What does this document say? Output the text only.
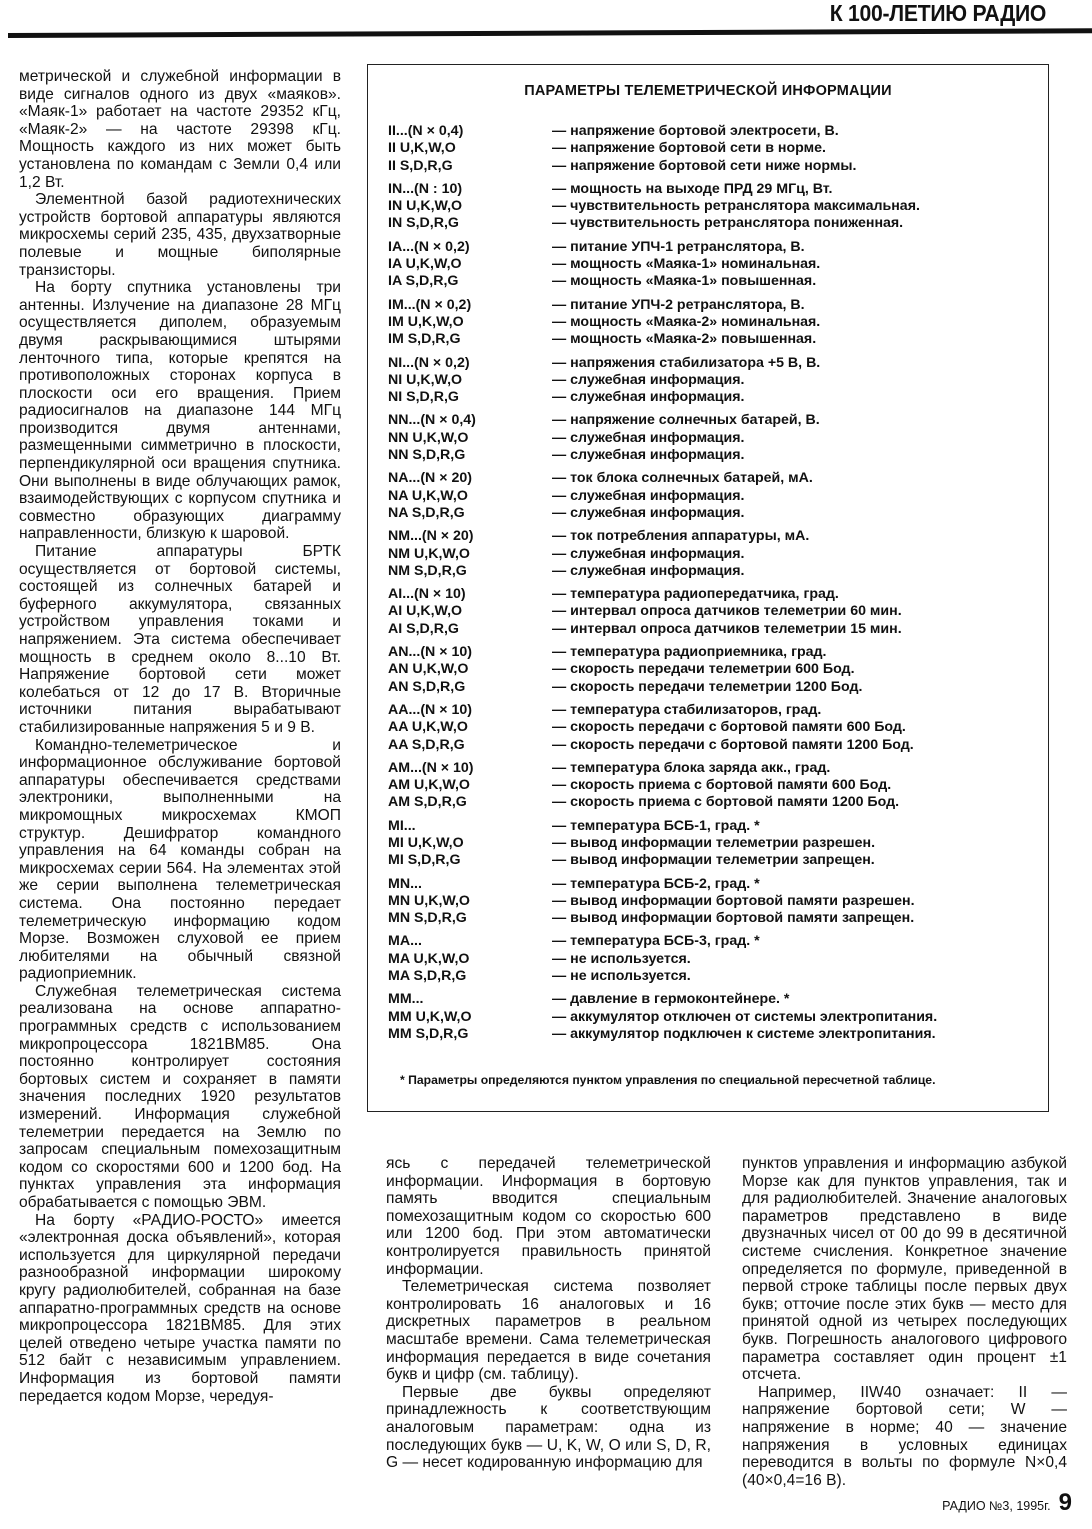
К 100-ЛЕТИЮ РАДИО

метрической и служебной информации в виде сигналов одного из двух «маяков». «Маяк-1» работает на частоте 29352 кГц, «Маяк-2» — на частоте 29398 кГц. Мощность каждого из них может быть установлена по командам с Земли 0,4 или 1,2 Вт.

Элементной базой радиотехнических устройств бортовой аппаратуры являются микросхемы серий 235, 435, двухзатворные полевые и мощные биполярные транзисторы.

На борту спутника установлены три антенны. Излучение на диапазоне 28 МГц осуществляется диполем, образуемым двумя раскрывающимися штырями ленточного типа, которые крепятся на противоположных сторонах корпуса в плоскости оси его вращения. Прием радиосигналов на диапазоне 144 МГц производится двумя антеннами, размещенными симметрично в плоскости, перпендикулярной оси вращения спутника. Они выполнены в виде облучающих рамок, взаимодействующих с корпусом спутника и совместно образующих диаграмму направленности, близкую к шаровой.

Питание аппаратуры БРТК осуществляется от бортовой системы, состоящей из солнечных батарей и буферного аккумулятора, связанных устройством управления токами и напряжением. Эта система обеспечивает мощность в среднем около 8...10 Вт. Напряжение бортовой сети может колебаться от 12 до 17 В. Вторичные источники питания вырабатывают стабилизированные напряжения 5 и 9 В.

Командно-телеметрическое и информационное обслуживание бортовой аппаратуры обеспечивается средствами электроники, выполненными на микромощных микросхемах КМОП структур. Дешифратор командного управления на 64 команды собран на микросхемах серии 564. На элементах этой же серии выполнена телеметрическая система. Она постоянно передает телеметрическую информацию кодом Морзе. Возможен слуховой ее прием любителями на обычный связной радиоприемник.

Служебная телеметрическая система реализована на основе аппаратно-программных средств с использованием микропроцессора 1821ВМ85. Она постоянно контролирует состояния бортовых систем и сохраняет в памяти значения последних 1920 результатов измерений. Информация служебной телеметрии передается на Землю по запросам специальным помехозащитным кодом со скоростями 600 и 1200 бод. На пунктах управления эта информация обрабатывается с помощью ЭВМ.

На борту «РАДИО-РОСТО» имеется «электронная доска объявлений», которая используется для циркулярной передачи разнообразной информации широкому кругу радиолюбителей, собранная на базе аппаратно-программных средств на основе микропроцессора 1821ВМ85. Для этих целей отведено четыре участка памяти по 512 байт с независимым управлением. Информация из бортовой памяти передается кодом Морзе, чередуя-

ПАРАМЕТРЫ ТЕЛЕМЕТРИЧЕСКОЙ ИНФОРМАЦИИ
II...(N × 0,4)	— напряжение бортовой электросети, В.
II U,K,W,O	— напряжение бортовой сети в норме.
II S,D,R,G	— напряжение бортовой сети ниже нормы.
IN...(N : 10)	— мощность на выходе ПРД 29 МГц, Вт.
IN U,K,W,O	— чувствительность ретранслятора максимальная.
IN S,D,R,G	— чувствительность ретранслятора пониженная.
IA...(N × 0,2)	— питание УПЧ-1 ретранслятора, В.
IA U,K,W,O	— мощность «Маяка-1» номинальная.
IA S,D,R,G	— мощность «Маяка-1» повышенная.
IM...(N × 0,2)	— питание УПЧ-2 ретранслятора, В.
IM U,K,W,O	— мощность «Маяка-2» номинальная.
IM S,D,R,G	— мощность «Маяка-2» повышенная.
NI...(N × 0,2)	— напряжения стабилизатора +5 В, В.
NI U,K,W,O	— служебная информация.
NI S,D,R,G	— служебная информация.
NN...(N × 0,4)	— напряжение солнечных батарей, В.
NN U,K,W,O	— служебная информация.
NN S,D,R,G	— служебная информация.
NA...(N × 20)	— ток блока солнечных батарей, мА.
NA U,K,W,O	— служебная информация.
NA S,D,R,G	— служебная информация.
NM...(N × 20)	— ток потребления аппаратуры, мА.
NM U,K,W,O	— служебная информация.
NM S,D,R,G	— служебная информация.
AI...(N × 10)	— температура радиопередатчика, град.
AI U,K,W,O	— интервал опроса датчиков телеметрии 60 мин.
AI S,D,R,G	— интервал опроса датчиков телеметрии 15 мин.
AN...(N × 10)	— температура радиоприемника, град.
AN U,K,W,O	— скорость передачи телеметрии 600 Бод.
AN S,D,R,G	— скорость передачи телеметрии 1200 Бод.
AA...(N × 10)	— температура стабилизаторов, град.
AA U,K,W,O	— скорость передачи с бортовой памяти 600 Бод.
AA S,D,R,G	— скорость передачи с бортовой памяти 1200 Бод.
AM...(N × 10)	— температура блока заряда акк., град.
AM U,K,W,O	— скорость приема с бортовой памяти 600 Бод.
AM S,D,R,G	— скорость приема с бортовой памяти 1200 Бод.
MI...	— температура БСБ-1, град. *
MI U,K,W,O	— вывод информации телеметрии разрешен.
MI S,D,R,G	— вывод информации телеметрии запрещен.
MN...	— температура БСБ-2, град. *
MN U,K,W,O	— вывод информации бортовой памяти разрешен.
MN S,D,R,G	— вывод информации бортовой памяти запрещен.
MA...	— температура БСБ-3, град. *
MA U,K,W,O	— не используется.
MA S,D,R,G	— не используется.
MM...	— давление в гермоконтейнере. *
MM U,K,W,O	— аккумулятор отключен от системы электропитания.
MM S,D,R,G	— аккумулятор подключен к системе электропитания.
* Параметры определяются пунктом управления по специальной пересчетной таблице.

ясь с передачей телеметрической информации. Информация в бортовую память вводится специальным помехозащитным кодом со скоростью 600 или 1200 бод. При этом автоматически контролируется правильность принятой информации.

Телеметрическая система позволяет контролировать 16 аналоговых и 16 дискретных параметров в реальном масштабе времени. Сама телеметрическая информация передается в виде сочетания букв и цифр (см. таблицу).

Первые две буквы определяют принадлежность к соответствующим аналоговым параметрам: одна из последующих букв — U, K, W, O или S, D, R, G — несет кодированную информацию для

пунктов управления и информацию азбукой Морзе как для пунктов управления, так и для радиолюбителей. Значение аналоговых параметров представлено в виде двузначных чисел от 00 до 99 в десятичной системе счисления. Конкретное значение определяется по формуле, приведенной в первой строке таблицы после первых двух букв; отточие после этих букв — место для принятой одной из четырех последующих букв. Погрешность аналогового цифрового параметра составляет один процент ±1 отсчета.

Например, IIW40 означает: II — напряжение бортовой сети; W — напряжение в норме; 40 — значение напряжения в условных единицах переводится в вольты по формуле N×0,4 (40×0,4=16 В).

РАДИО №3, 1995г. 9
